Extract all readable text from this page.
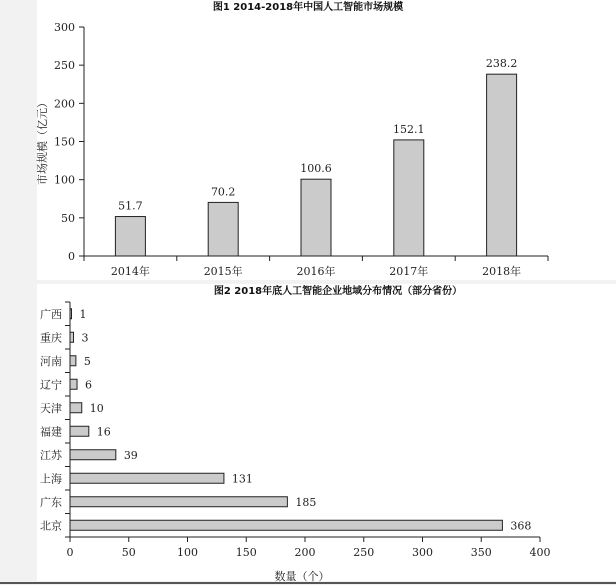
图1 2014-2018年中国人工智能市场规模
市场规模（亿元）
0
50
100
150
200
250
300
51.7
70.2
100.6
152.1
238.2
2014年	2015年	2016年	2017年	2018年
图2 2018年底人工智能企业地域分布情况（部分省份）
数量（个）
1
3
5
6
10
16
39
131
185
368
广西
重庆
河南
辽宁
天津
福建
江苏
上海
广东
北京
0	50	100	150	200	250	300	350	400
